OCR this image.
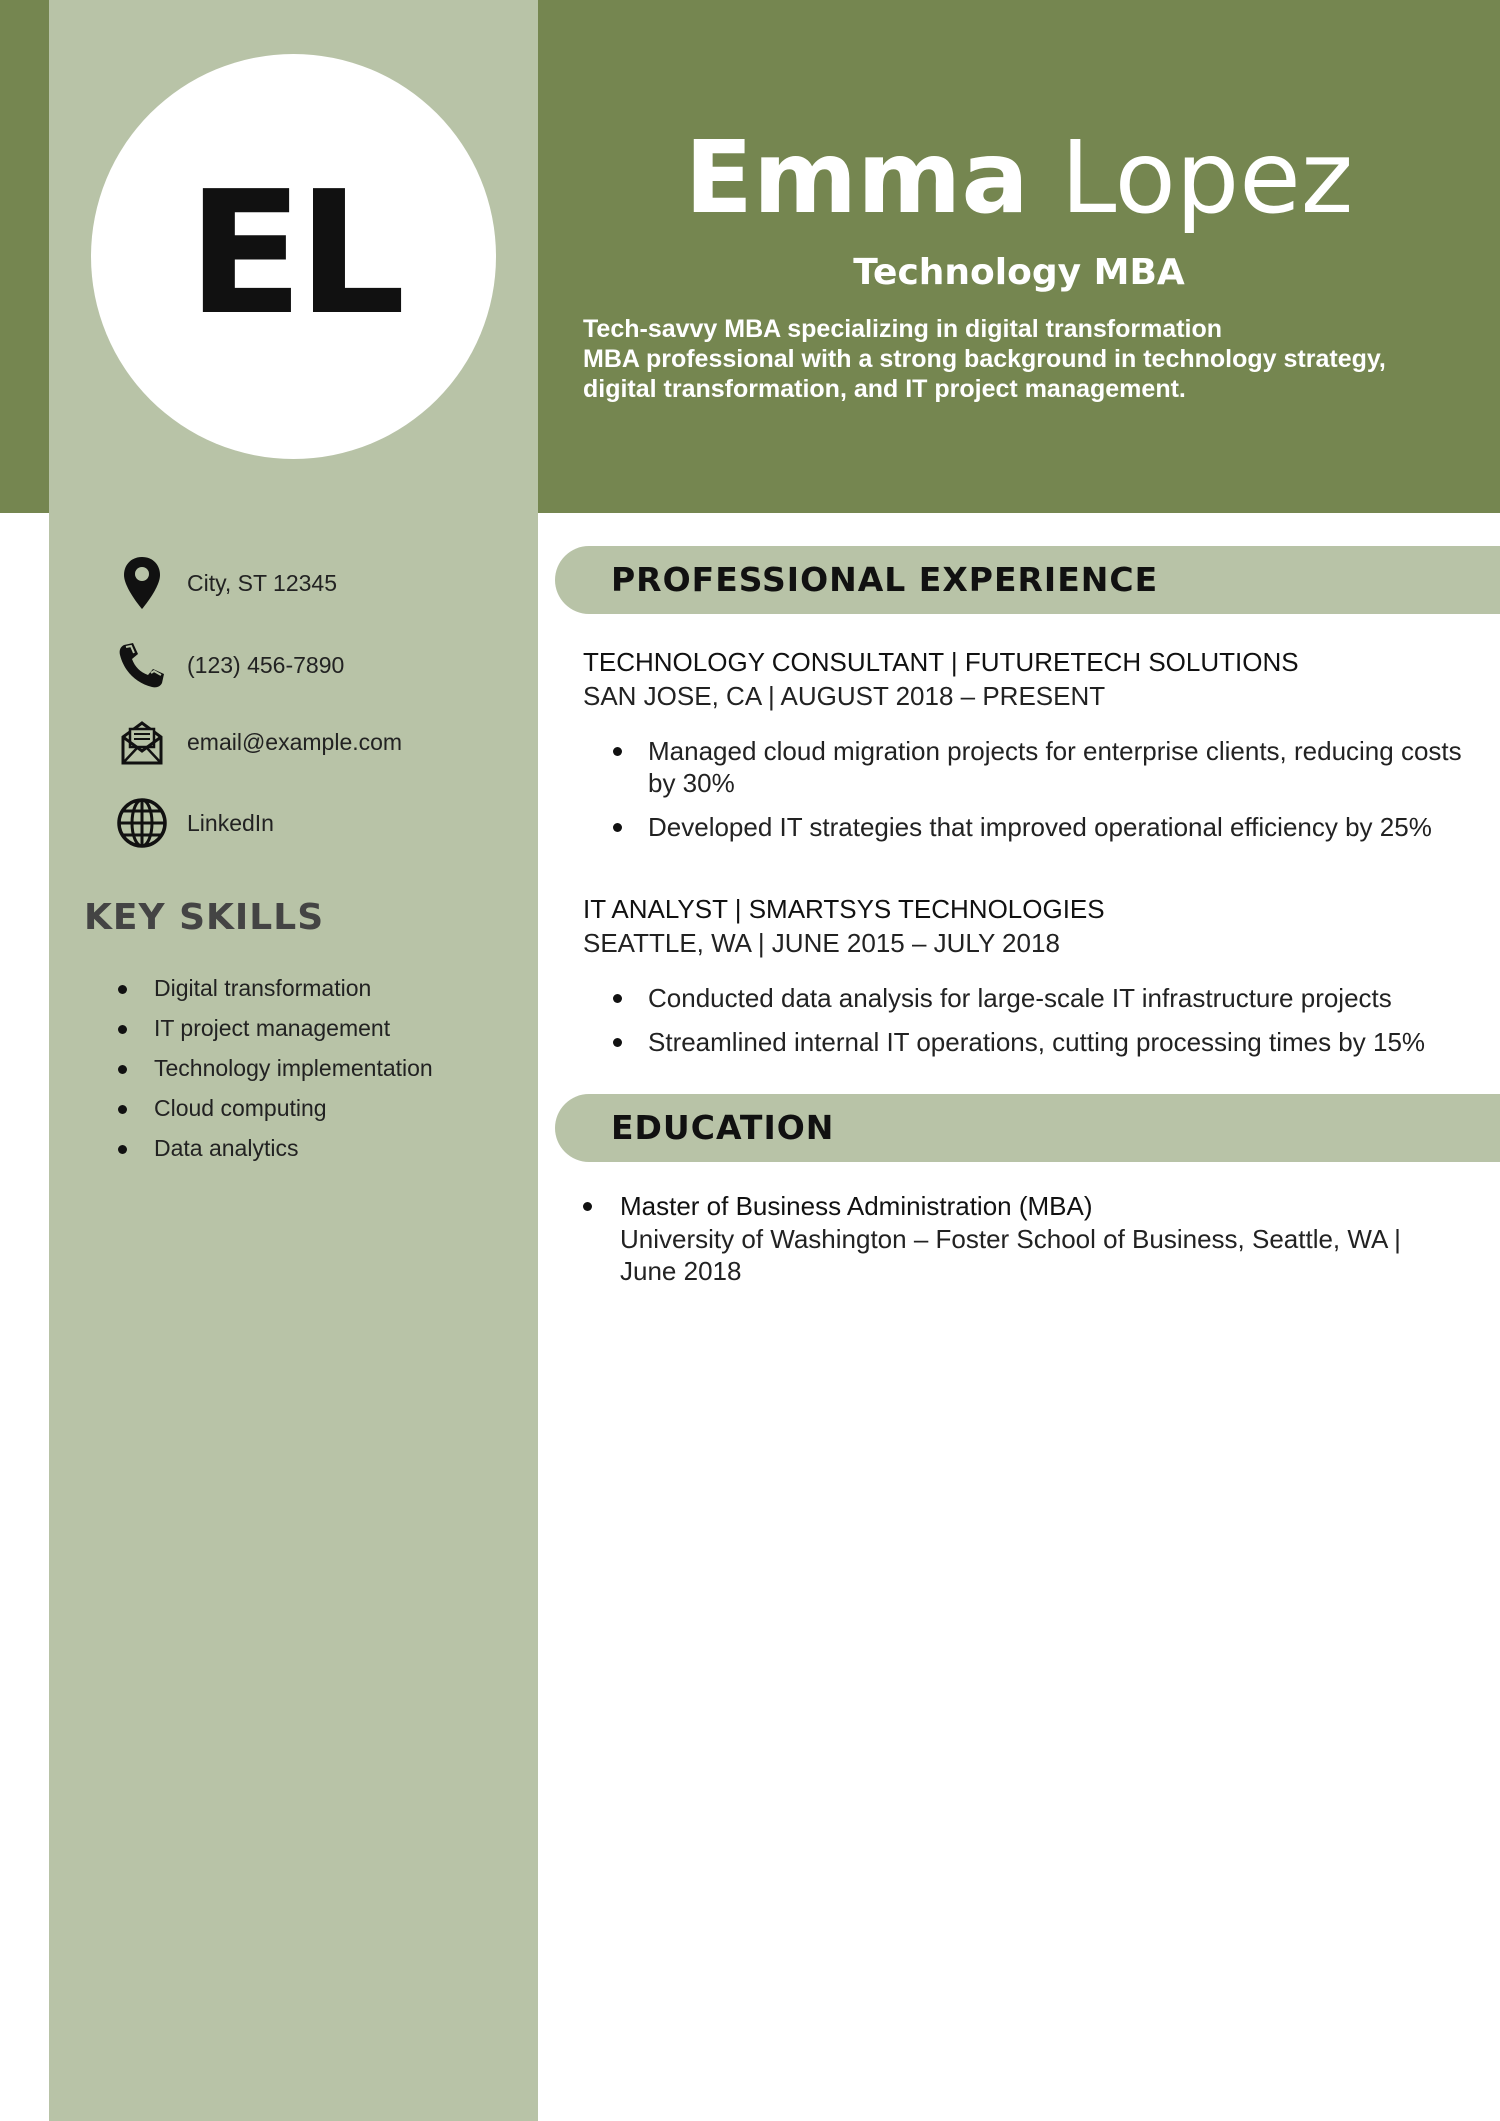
EL	Emma Lopez
Technology MBA
Tech-savvy MBA specializing in digital transformation
MBA professional with a strong background in technology strategy,
digital transformation, and IT project management.
City, ST 12345
(123) 456-7890
email@example.com
LinkedIn
KEY SKILLS
Digital transformation
IT project management
Technology implementation
Cloud computing
Data analytics
PROFESSIONAL EXPERIENCE
TECHNOLOGY CONSULTANT | FUTURETECH SOLUTIONS
SAN JOSE, CA | AUGUST 2018 – PRESENT
Managed cloud migration projects for enterprise clients, reducing costs by 30%
Developed IT strategies that improved operational efficiency by 25%
IT ANALYST | SMARTSYS TECHNOLOGIES
SEATTLE, WA | JUNE 2015 – JULY 2018
Conducted data analysis for large-scale IT infrastructure projects
Streamlined internal IT operations, cutting processing times by 15%
EDUCATION
Master of Business Administration (MBA)
University of Washington – Foster School of Business, Seattle, WA | June 2018
